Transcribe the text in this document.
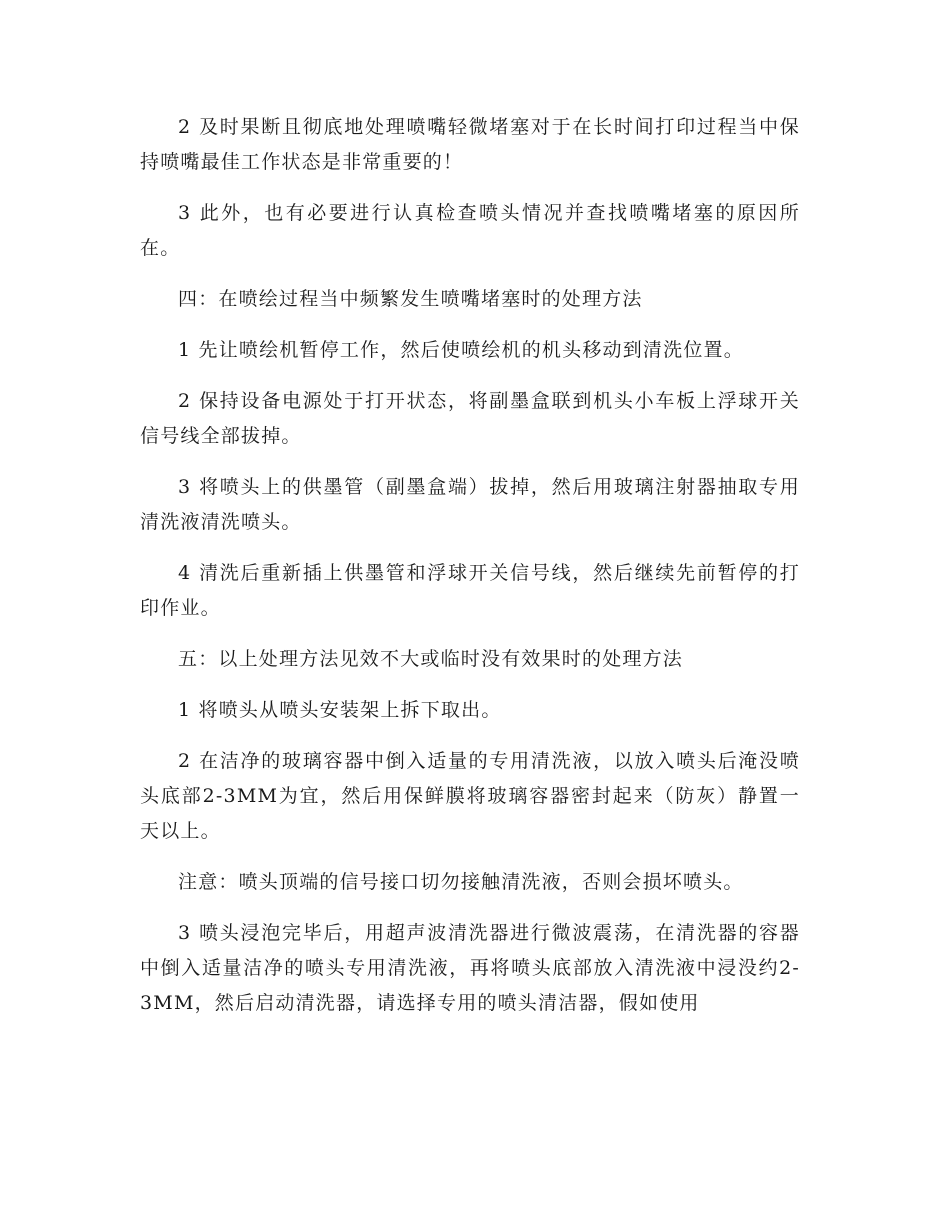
2 及时果断且彻底地处理喷嘴轻微堵塞对于在长时间打印过程当中保持喷嘴最佳工作状态是非常重要的！

3 此外，也有必要进行认真检查喷头情况并查找喷嘴堵塞的原因所在。

四：在喷绘过程当中频繁发生喷嘴堵塞时的处理方法

1 先让喷绘机暂停工作，然后使喷绘机的机头移动到清洗位置。

2 保持设备电源处于打开状态，将副墨盒联到机头小车板上浮球开关信号线全部拔掉。

3 将喷头上的供墨管（副墨盒端）拔掉，然后用玻璃注射器抽取专用清洗液清洗喷头。

4 清洗后重新插上供墨管和浮球开关信号线，然后继续先前暂停的打印作业。

五：以上处理方法见效不大或临时没有效果时的处理方法

1 将喷头从喷头安装架上拆下取出。

2 在洁净的玻璃容器中倒入适量的专用清洗液，以放入喷头后淹没喷头底部2-3MM为宜，然后用保鲜膜将玻璃容器密封起来（防灰）静置一天以上。

注意：喷头顶端的信号接口切勿接触清洗液，否则会损坏喷头。

3 喷头浸泡完毕后，用超声波清洗器进行微波震荡，在清洗器的容器中倒入适量洁净的喷头专用清洗液，再将喷头底部放入清洗液中浸没约2-3MM，然后启动清洗器，请选择专用的喷头清洁器，假如使用
